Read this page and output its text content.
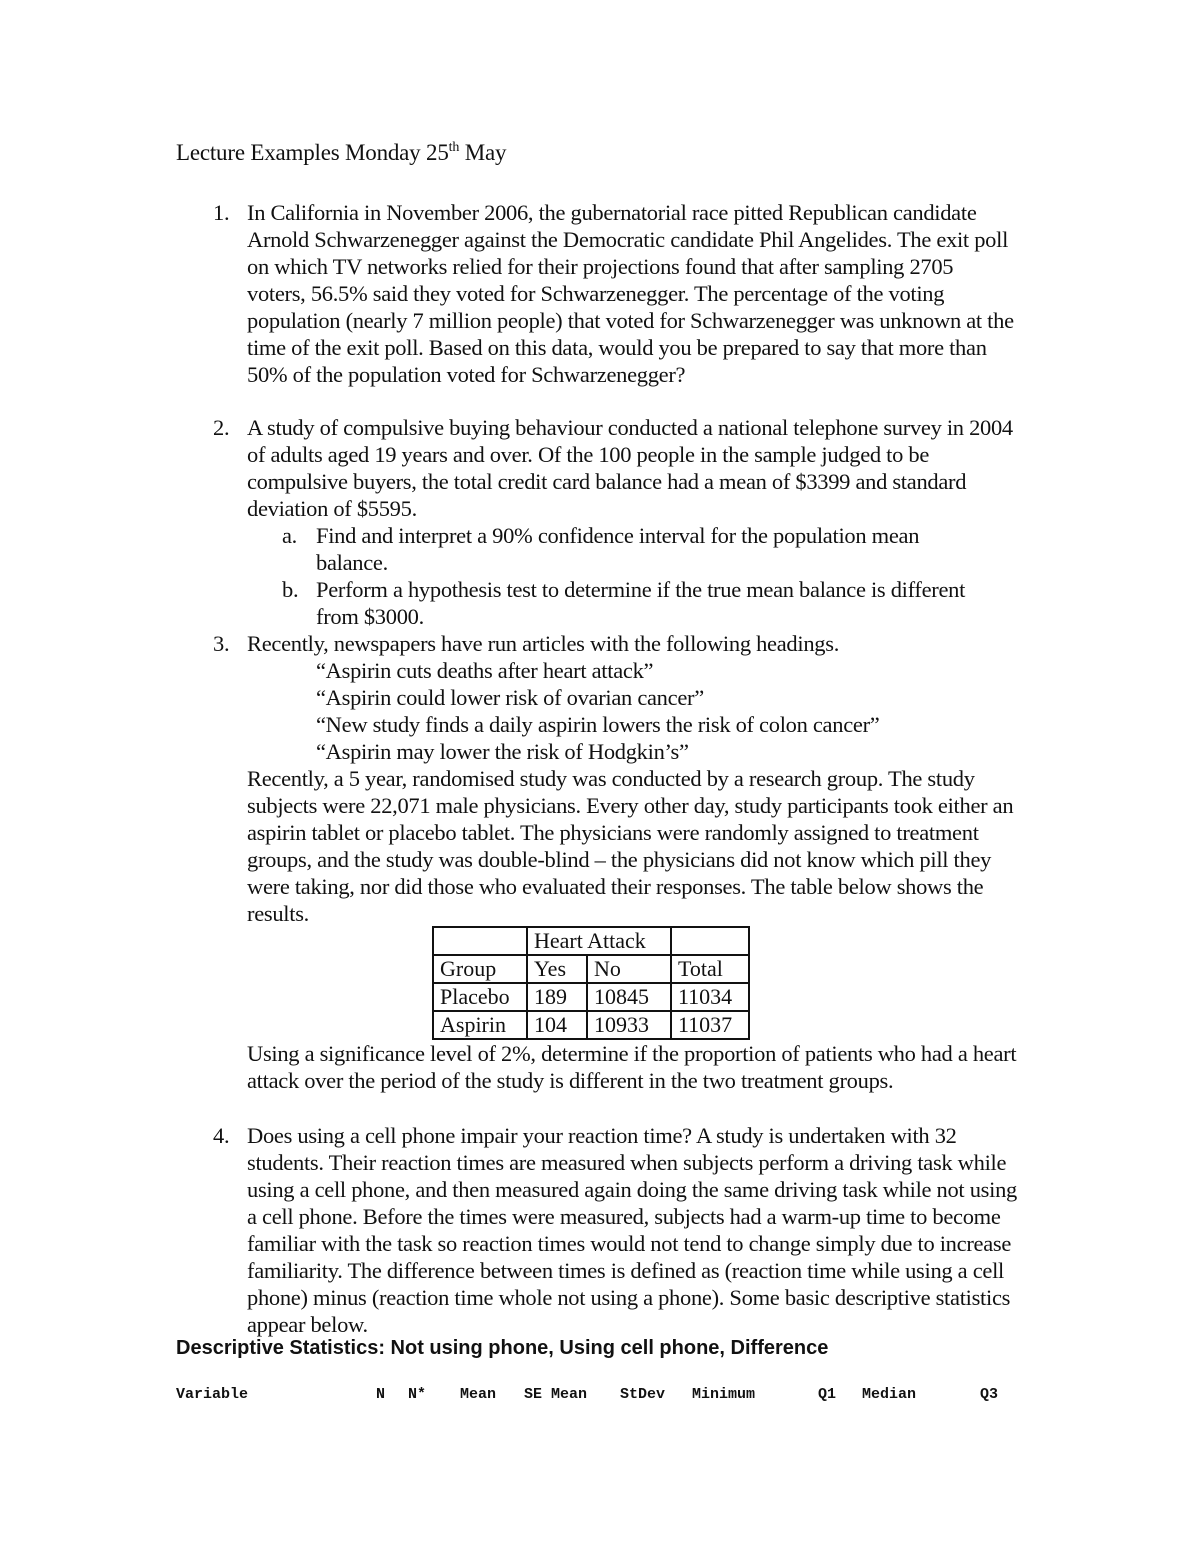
Lecture Examples Monday 25th May
1. In California in November 2006, the gubernatorial race pitted Republican candidate Arnold Schwarzenegger against the Democratic candidate Phil Angelides. The exit poll on which TV networks relied for their projections found that after sampling 2705 voters, 56.5% said they voted for Schwarzenegger. The percentage of the voting population (nearly 7 million people) that voted for Schwarzenegger was unknown at the time of the exit poll. Based on this data, would you be prepared to say that more than 50% of the population voted for Schwarzenegger?
2. A study of compulsive buying behaviour conducted a national telephone survey in 2004 of adults aged 19 years and over. Of the 100 people in the sample judged to be compulsive buyers, the total credit card balance had a mean of $3399 and standard deviation of $5595.
a. Find and interpret a 90% confidence interval for the population mean balance.
b. Perform a hypothesis test to determine if the true mean balance is different from $3000.
3. Recently, newspapers have run articles with the following headings.
“Aspirin cuts deaths after heart attack”
“Aspirin could lower risk of ovarian cancer”
“New study finds a daily aspirin lowers the risk of colon cancer”
“Aspirin may lower the risk of Hodgkin’s”
Recently, a 5 year, randomised study was conducted by a research group. The study subjects were 22,071 male physicians. Every other day, study participants took either an aspirin tablet or placebo tablet. The physicians were randomly assigned to treatment groups, and the study was double-blind – the physicians did not know which pill they were taking, nor did those who evaluated their responses. The table below shows the results.
	Heart Attack		
Group	Yes	No	Total
Placebo	189	10845	11034
Aspirin	104	10933	11037
Using a significance level of 2%, determine if the proportion of patients who had a heart attack over the period of the study is different in the two treatment groups.
4. Does using a cell phone impair your reaction time? A study is undertaken with 32 students. Their reaction times are measured when subjects perform a driving task while using a cell phone, and then measured again doing the same driving task while not using a cell phone. Before the times were measured, subjects had a warm-up time to become familiar with the task so reaction times would not tend to change simply due to increase familiarity. The difference between times is defined as (reaction time while using a cell phone) minus (reaction time whole not using a phone). Some basic descriptive statistics appear below.
Descriptive Statistics: Not using phone, Using cell phone, Difference
Variable	N N* Mean SE Mean StDev Minimum	Q1 Median	Q3
